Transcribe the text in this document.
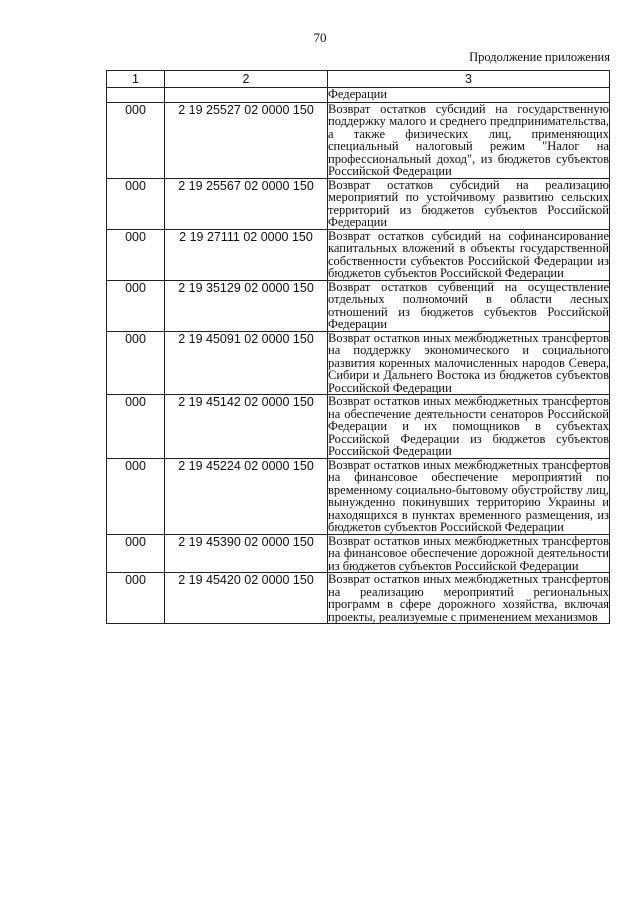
70
Продолжение приложения
1	2	3
		Федерации
000	2 19 25527 02 0000 150	Возврат остатков субсидий на государственную поддержку малого и среднего предпринимательства, а также физических лиц, применяющих специальный налоговый режим "Налог на профессиональный доход", из бюджетов субъектов Российской Федерации
000	2 19 25567 02 0000 150	Возврат остатков субсидий на реализацию мероприятий по устойчивому развитию сельских территорий из бюджетов субъектов Российской Федерации
000	2 19 27111 02 0000 150	Возврат остатков субсидий на софинансирование капитальных вложений в объекты государственной собственности субъектов Российской Федерации из бюджетов субъектов Российской Федерации
000	2 19 35129 02 0000 150	Возврат остатков субвенций на осуществление отдельных полномочий в области лесных отношений из бюджетов субъектов Российской Федерации
000	2 19 45091 02 0000 150	Возврат остатков иных межбюджетных трансфертов на поддержку экономического и социального развития коренных малочисленных народов Севера, Сибири и Дальнего Востока из бюджетов субъектов Российской Федерации
000	2 19 45142 02 0000 150	Возврат остатков иных межбюджетных трансфертов на обеспечение деятельности сенаторов Российской Федерации и их помощников в субъектах Российской Федерации из бюджетов субъектов Российской Федерации
000	2 19 45224 02 0000 150	Возврат остатков иных межбюджетных трансфертов на финансовое обеспечение мероприятий по временному социально-бытовому обустройству лиц, вынужденно покинувших территорию Украины и находящихся в пунктах временного размещения, из бюджетов субъектов Российской Федерации
000	2 19 45390 02 0000 150	Возврат остатков иных межбюджетных трансфертов на финансовое обеспечение дорожной деятельности из бюджетов субъектов Российской Федерации
000	2 19 45420 02 0000 150	Возврат остатков иных межбюджетных трансфертов на реализацию мероприятий региональных программ в сфере дорожного хозяйства, включая проекты, реализуемые с применением механизмов
